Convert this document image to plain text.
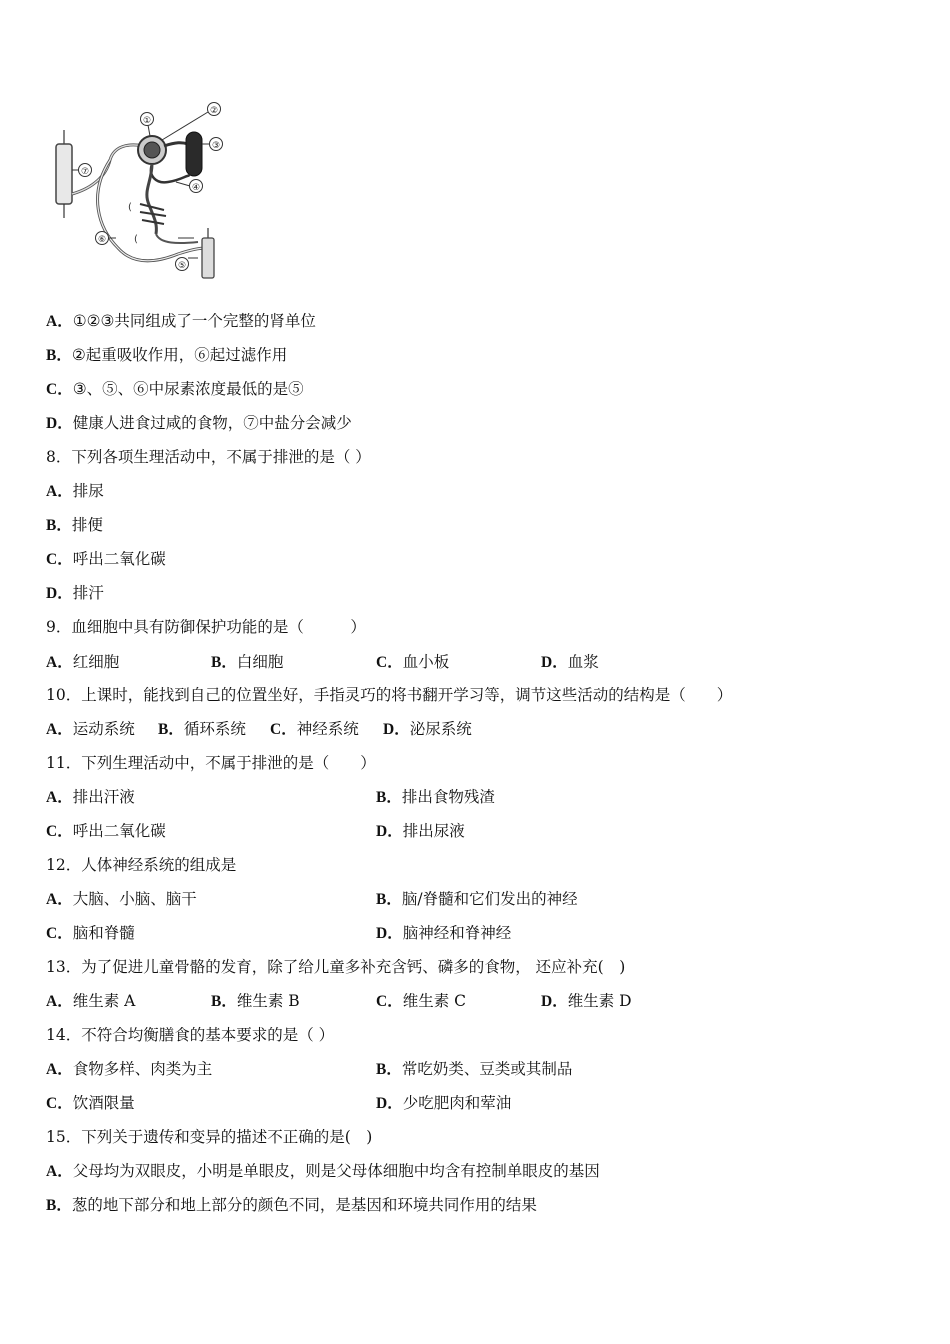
⑦
①
②
③
④
(
(
⑥
⑤
A．①②③共同组成了一个完整的肾单位
B．②起重吸收作用，⑥起过滤作用
C．③、⑤、⑥中尿素浓度最低的是⑤
D．健康人进食过咸的食物，⑦中盐分会减少
8．下列各项生理活动中，不属于排泄的是（ ）
A．排尿
B．排便
C．呼出二氧化碳
D．排汗
9．血细胞中具有防御保护功能的是（　　　）
A．红细胞	B．白细胞	C．血小板	D．血浆
10．上课时，能找到自己的位置坐好，手指灵巧的将书翻开学习等，调节这些活动的结构是（　　）
A．运动系统 B．循环系统 C．神经系统 D．泌尿系统
11．下列生理活动中，不属于排泄的是（　　）
A．排出汗液	B．排出食物残渣
C．呼出二氧化碳	D．排出尿液
12．人体神经系统的组成是
A．大脑、小脑、脑干	B．脑/脊髓和它们发出的神经
C．脑和脊髓	D．脑神经和脊神经
13．为了促进儿童骨骼的发育，除了给儿童多补充含钙、磷多的食物， 还应补充(　)
A．维生素 A	B．维生素 B	C．维生素 C	D．维生素 D
14．不符合均衡膳食的基本要求的是（ ）
A．食物多样、肉类为主	B．常吃奶类、豆类或其制品
C．饮酒限量	D．少吃肥肉和荤油
15．下列关于遗传和变异的描述不正确的是(　)
A．父母均为双眼皮，小明是单眼皮，则是父母体细胞中均含有控制单眼皮的基因
B．葱的地下部分和地上部分的颜色不同，是基因和环境共同作用的结果
